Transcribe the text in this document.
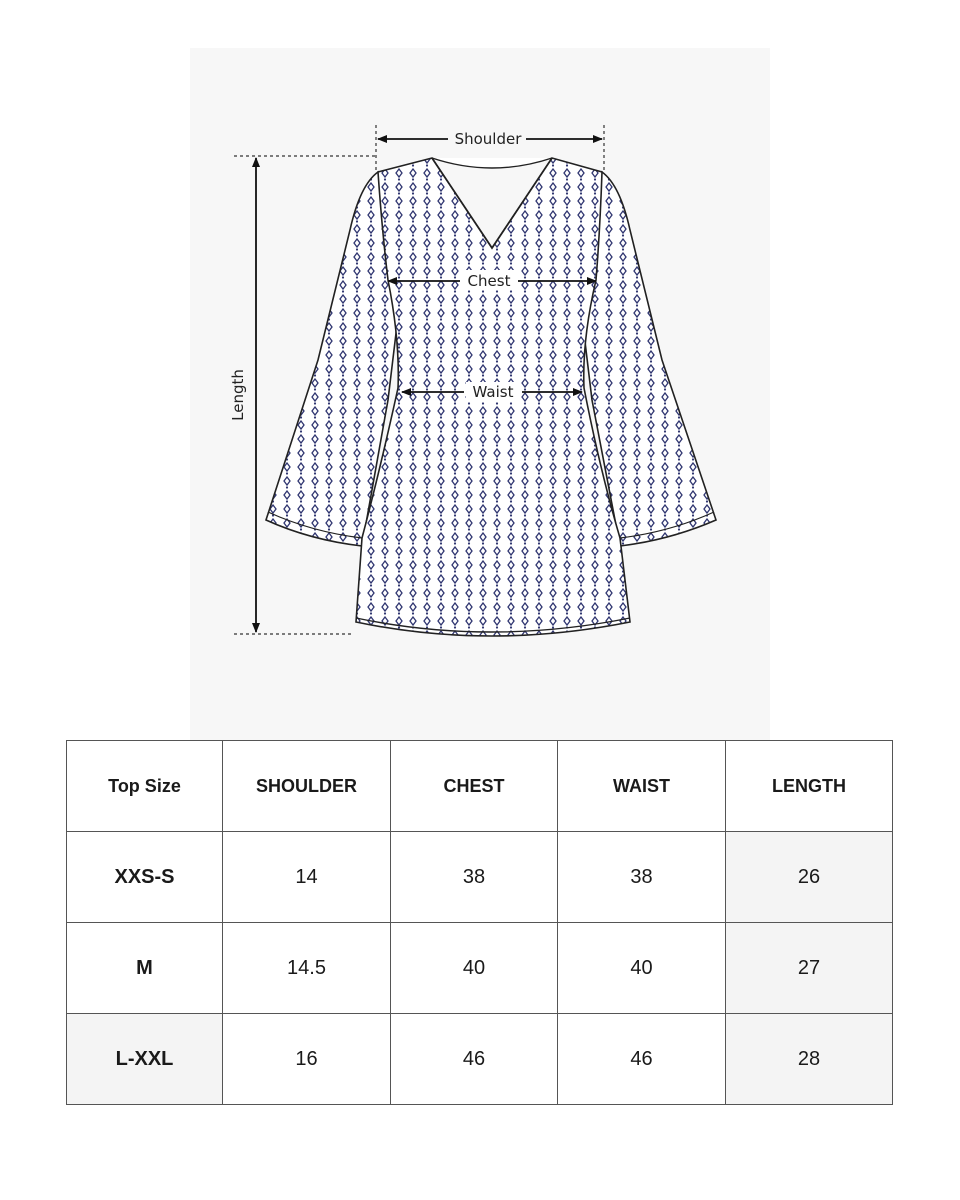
Shoulder
Chest
Waist
Length
Top Size	SHOULDER	CHEST	WAIST	LENGTH
XXS-S	14	38	38	26
M	14.5	40	40	27
L-XXL	16	46	46	28
